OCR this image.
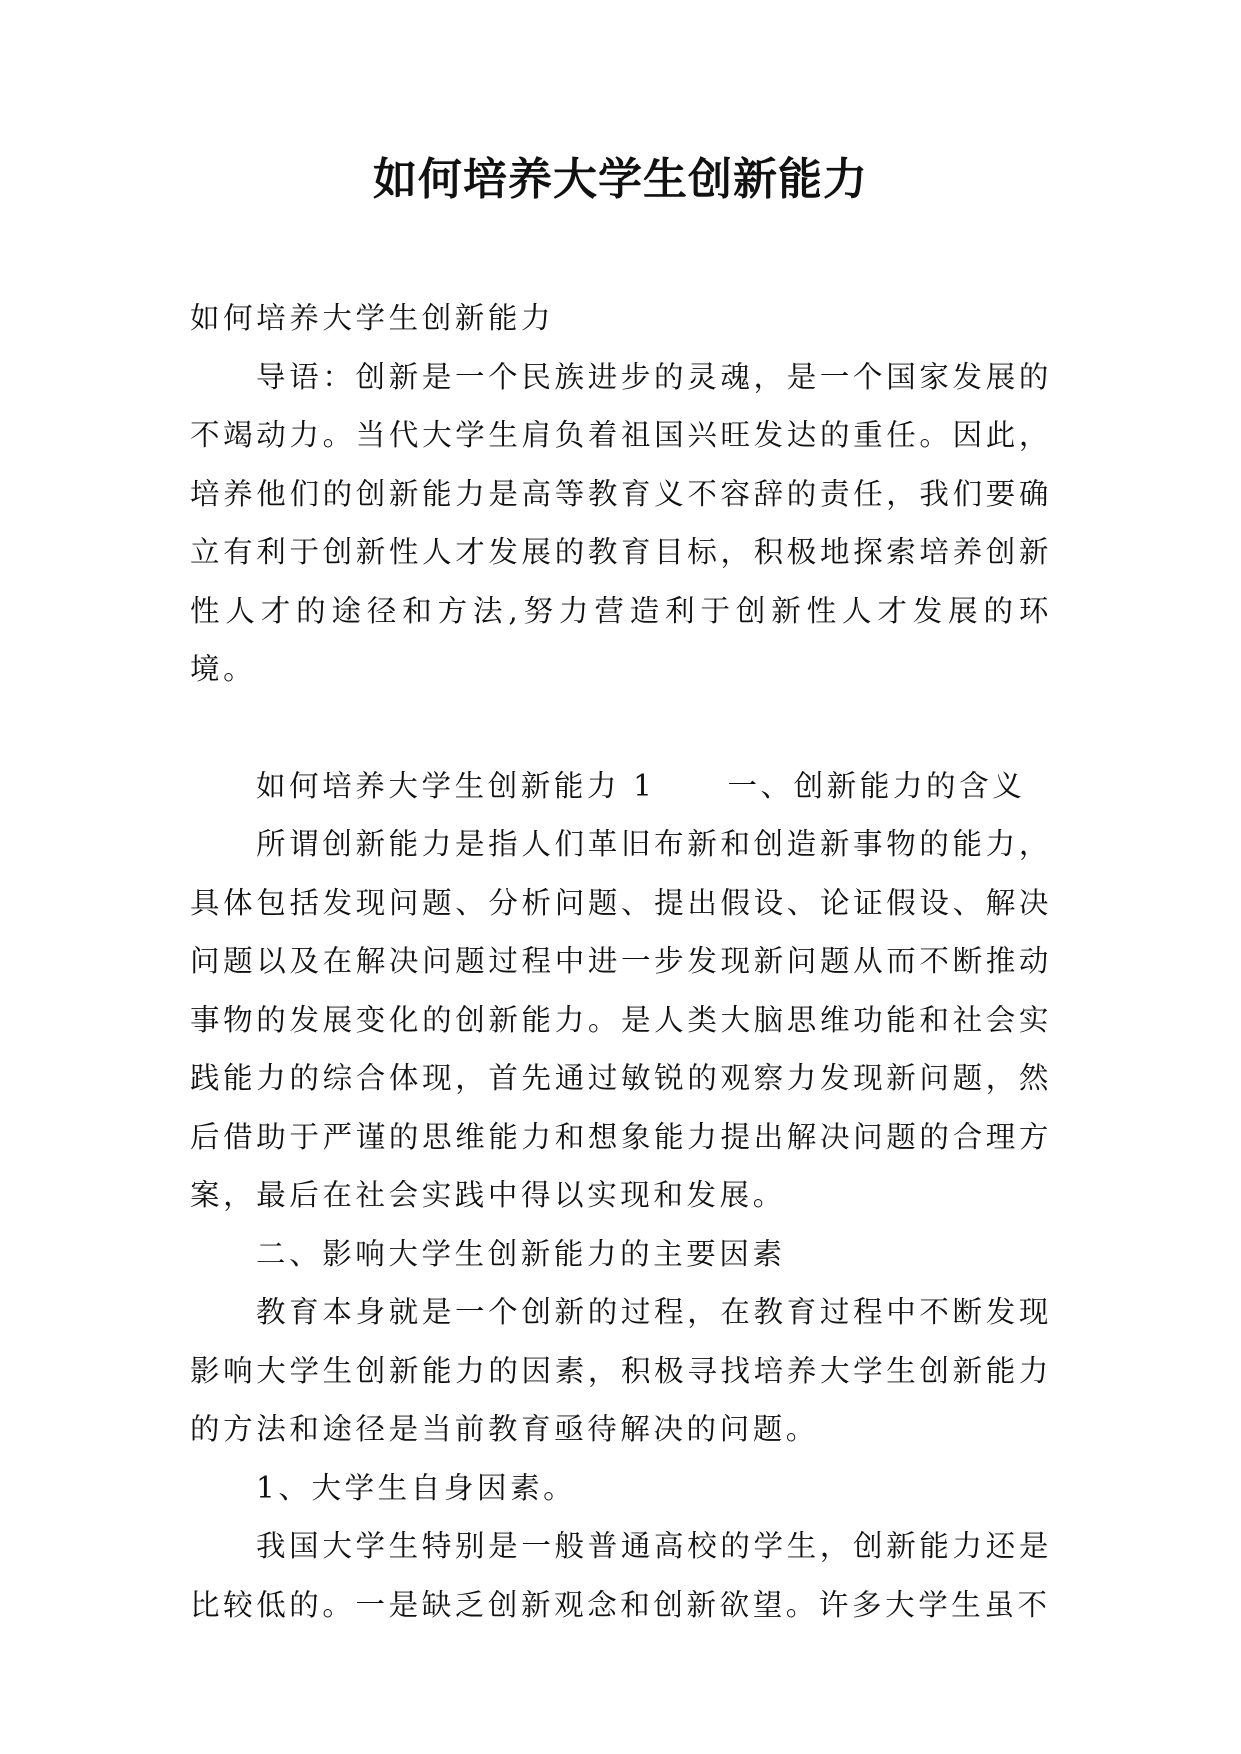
如何培养大学生创新能力

如何培养大学生创新能力

导语：创新是一个民族进步的灵魂，是一个国家发展的不竭动力。当代大学生肩负着祖国兴旺发达的重任。因此，培养他们的创新能力是高等教育义不容辞的责任，我们要确立有利于创新性人才发展的教育目标，积极地探索培养创新性人才的途径和方法,努力营造利于创新性人才发展的环境。

如何培养大学生创新能力 1 一、创新能力的含义

所谓创新能力是指人们革旧布新和创造新事物的能力，具体包括发现问题、分析问题、提出假设、论证假设、解决问题以及在解决问题过程中进一步发现新问题从而不断推动事物的发展变化的创新能力。是人类大脑思维功能和社会实践能力的综合体现，首先通过敏锐的观察力发现新问题，然后借助于严谨的思维能力和想象能力提出解决问题的合理方案，最后在社会实践中得以实现和发展。

二、影响大学生创新能力的主要因素

教育本身就是一个创新的过程，在教育过程中不断发现影响大学生创新能力的因素，积极寻找培养大学生创新能力的方法和途径是当前教育亟待解决的问题。

1、大学生自身因素。

我国大学生特别是一般普通高校的学生，创新能力还是比较低的。一是缺乏创新观念和创新欲望。许多大学生虽不
